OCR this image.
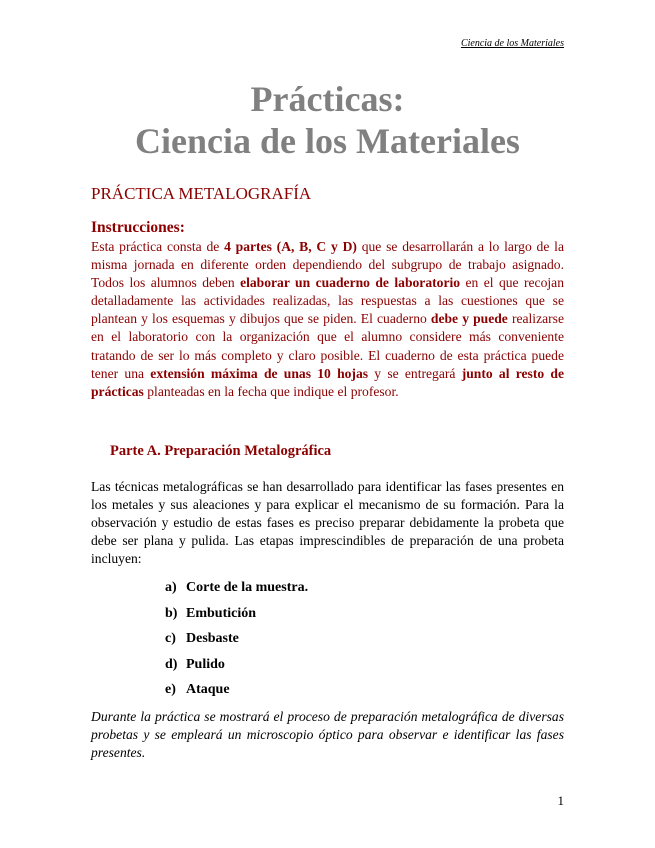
Ciencia de los Materiales
Prácticas:
Ciencia de los Materiales
PRÁCTICA METALOGRAFÍA
Instrucciones:

Esta práctica consta de 4 partes (A, B, C y D) que se desarrollarán a lo largo de la misma jornada en diferente orden dependiendo del subgrupo de trabajo asignado. Todos los alumnos deben elaborar un cuaderno de laboratorio en el que recojan detalladamente las actividades realizadas, las respuestas a las cuestiones que se plantean y los esquemas y dibujos que se piden. El cuaderno debe y puede realizarse en el laboratorio con la organización que el alumno considere más conveniente tratando de ser lo más completo y claro posible. El cuaderno de esta práctica puede tener una extensión máxima de unas 10 hojas y se entregará junto al resto de prácticas planteadas en la fecha que indique el profesor.

Parte A. Preparación Metalográfica

Las técnicas metalográficas se han desarrollado para identificar las fases presentes en los metales y sus aleaciones y para explicar el mecanismo de su formación. Para la observación y estudio de estas fases es preciso preparar debidamente la probeta que debe ser plana y pulida. Las etapas imprescindibles de preparación de una probeta incluyen:

a) Corte de la muestra.
b) Embutición
c) Desbaste
d) Pulido
e) Ataque

Durante la práctica se mostrará el proceso de preparación metalográfica de diversas probetas y se empleará un microscopio óptico para observar e identificar las fases presentes.

1
